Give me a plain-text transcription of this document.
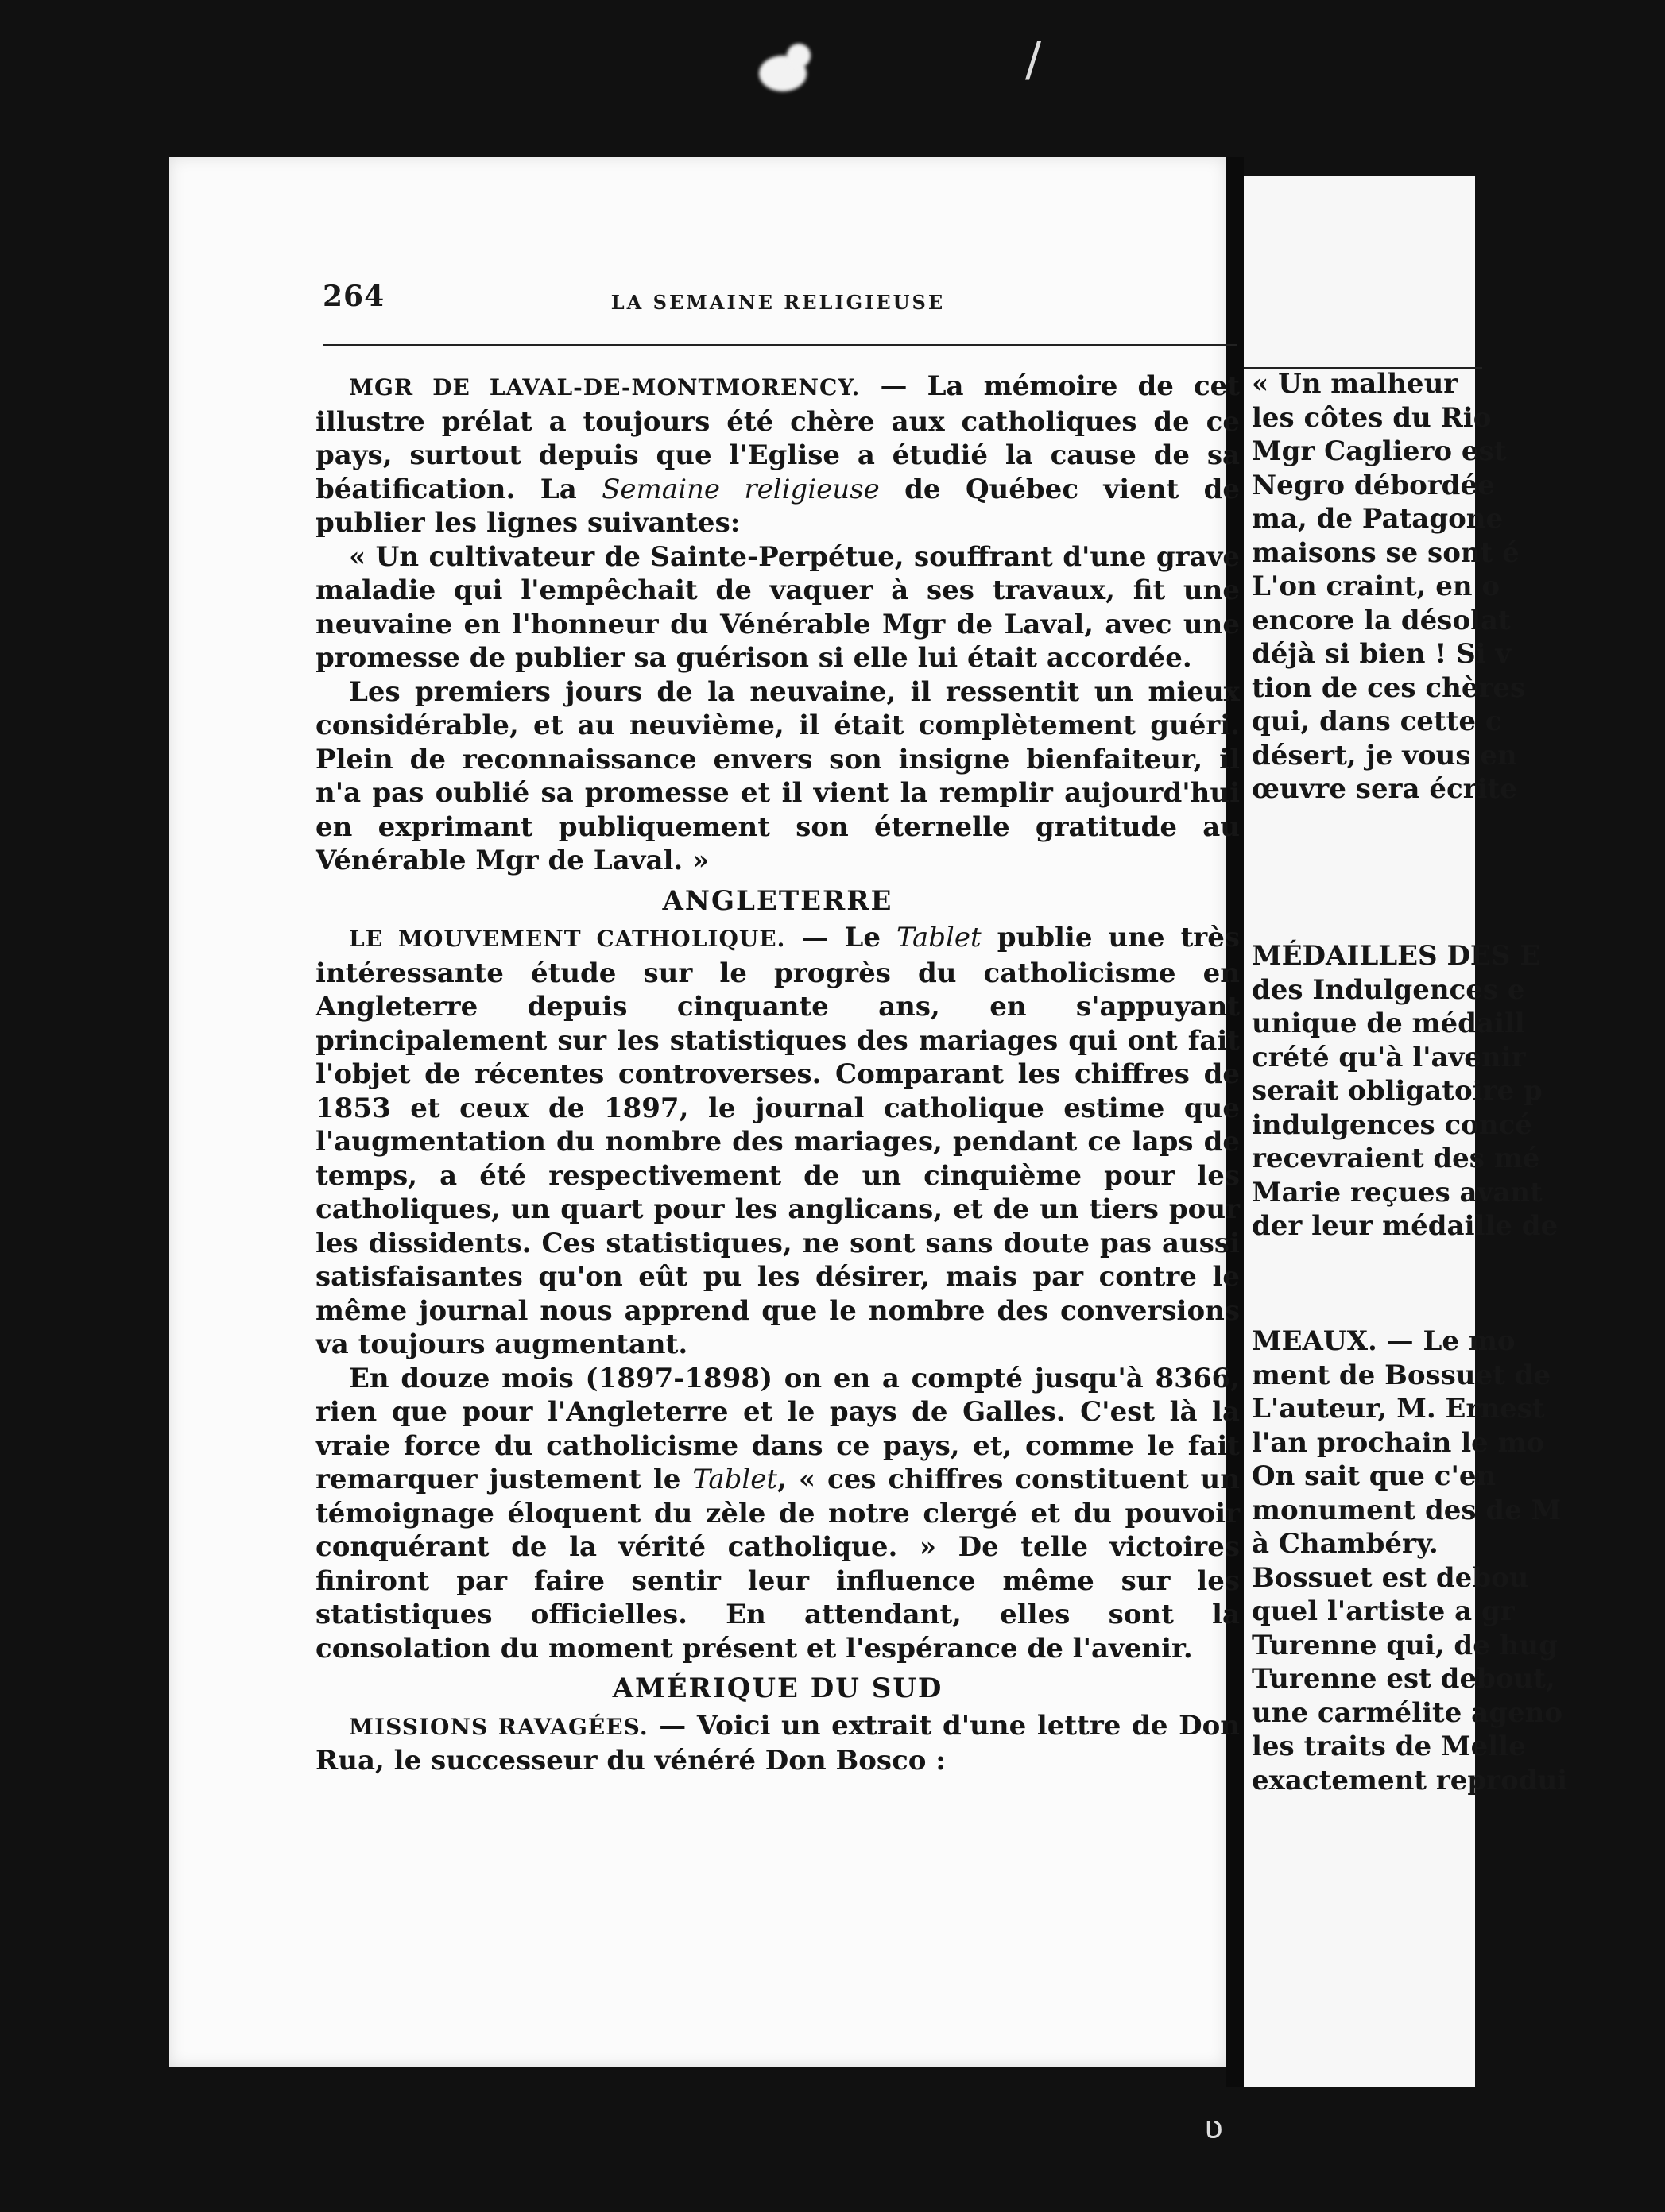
/
ʋ
264	LA SEMAINE RELIGIEUSE

MGR DE LAVAL-DE-MONTMORENCY. — La mémoire de cet illustre prélat a toujours été chère aux catholiques de ce pays, surtout depuis que l'Eglise a étudié la cause de sa béatification. La Semaine religieuse de Québec vient de publier les lignes suivantes:

« Un cultivateur de Sainte-Perpétue, souffrant d'une grave maladie qui l'empêchait de vaquer à ses travaux, fit une neuvaine en l'honneur du Vénérable Mgr de Laval, avec une promesse de publier sa guérison si elle lui était accordée.

Les premiers jours de la neuvaine, il ressentit un mieux considérable, et au neuvième, il était complètement guéri. Plein de reconnaissance envers son insigne bienfaiteur, il n'a pas oublié sa promesse et il vient la remplir aujourd'hui en exprimant publiquement son éternelle gratitude au Vénérable Mgr de Laval. »

ANGLETERRE

LE MOUVEMENT CATHOLIQUE. — Le Tablet publie une très intéressante étude sur le progrès du catholicisme en Angleterre depuis cinquante ans, en s'appuyant principalement sur les statistiques des mariages qui ont fait l'objet de récentes controverses. Comparant les chiffres de 1853 et ceux de 1897, le journal catholique estime que l'augmentation du nombre des mariages, pendant ce laps de temps, a été respectivement de un cinquième pour les catholiques, un quart pour les anglicans, et de un tiers pour les dissidents. Ces statistiques, ne sont sans doute pas aussi satisfaisantes qu'on eût pu les désirer, mais par contre le même journal nous apprend que le nombre des conversions va toujours augmentant.

En douze mois (1897-1898) on en a compté jusqu'à 8366, rien que pour l'Angleterre et le pays de Galles. C'est là la vraie force du catholicisme dans ce pays, et, comme le fait remarquer justement le Tablet, « ces chiffres constituent un témoignage éloquent du zèle de notre clergé et du pouvoir conquérant de la vérité catholique. » De telle victoires finiront par faire sentir leur influence même sur les statistiques officielles. En attendant, elles sont la consolation du moment présent et l'espérance de l'avenir.

AMÉRIQUE DU SUD

MISSIONS RAVAGÉES. — Voici un extrait d'une lettre de Don Rua, le successeur du vénéré Don Bosco :

« Un malheur
les côtes du Rio
Mgr Cagliero est
Negro débordée
ma, de Patagone
maisons se sont é
L'on craint, en o
encore la désolat
déjà si bien ! Si v
tion de ces chères
qui, dans cette c
désert, je vous en
œuvre sera écrite
MÉDAILLES DES E
des Indulgences e
unique de médaill
crété qu'à l'avenir
serait obligatoire p
indulgences concé
recevraient des mé
Marie reçues avant
der leur médaille de
MEAUX. — Le mo
ment de Bossuet de
L'auteur, M. Ernest
l'an prochain le mo
On sait que c'en
monument des de M
à Chambéry.
Bossuet est debou
quel l'artiste a gr
Turenne qui, de hug
Turenne est debout,
une carmélite ageno
les traits de Melle
exactement reprodui
